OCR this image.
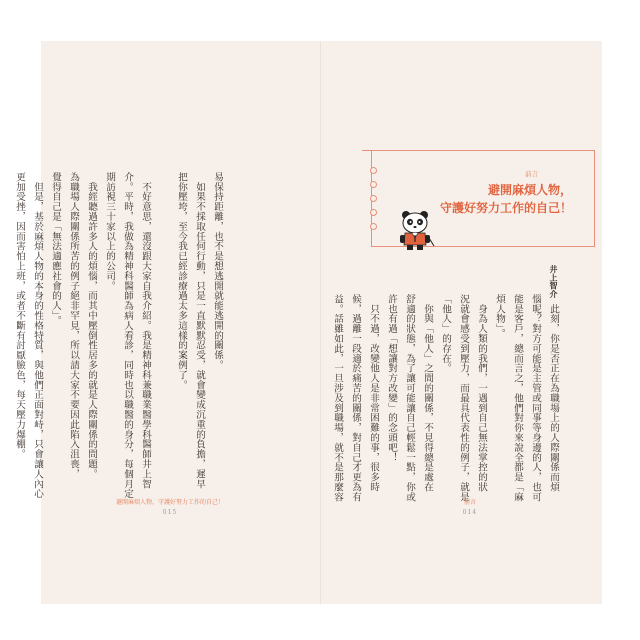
易保持距離，也不是想逃開就能逃開的關係。
　如果不採取任何行動，只是一直默默忍受，就會變成沉重的負擔，遲早
把你壓垮，至今我已經診療過太多這樣的案例了。
　不好意思，還沒跟大家自我介紹。我是精神科兼職業醫學科醫師井上智
介。平時，我做為精神科醫師為病人看診，同時也以職醫的身分，每個月定
期訪視三十家以上的公司。
　我經聽過許多人的煩惱，而其中壓倒性居多的就是人際關係的問題。
為職場人際關係所苦的例子絕非罕見，所以請大家不要因此陷入沮喪，
覺得自己是「無法適應社會的人」。
　但是，基於麻煩人物的本身的性格特質，與他們正面對峙，只會讓人內心
更加受挫，因而害怕上班，或者不斷有討厭臉色，每天壓力爆棚。
避開麻煩人物，守護好努力工作的自己！
015
前言
避開麻煩人物，
守護好努力工作的自己！
井上智介
　此刻，你是否正在為職場上的人際關係而煩
惱呢？對方可能是主管或同事等身邊的人，也可
能是客戶，總而言之，他們對你來說全都是「麻
煩人物」。
　身為人類的我們，一遇到自己無法掌控的狀
況就會感受到壓力，而最具代表性的例子，就是
「他人」的存在。
　你與「他人」之間的關係，不見得總是處在
舒適的狀態，為了讓可能讓自己輕鬆一點，你或
許也有過「想讓對方改變」的念頭吧！
　只不過，改變他人是非常困難的事，很多時
候，過離一段適於痛苦的關係，對自己才更為有
益。話雖如此，一旦涉及到職場，就不是那麼容
前言
014
